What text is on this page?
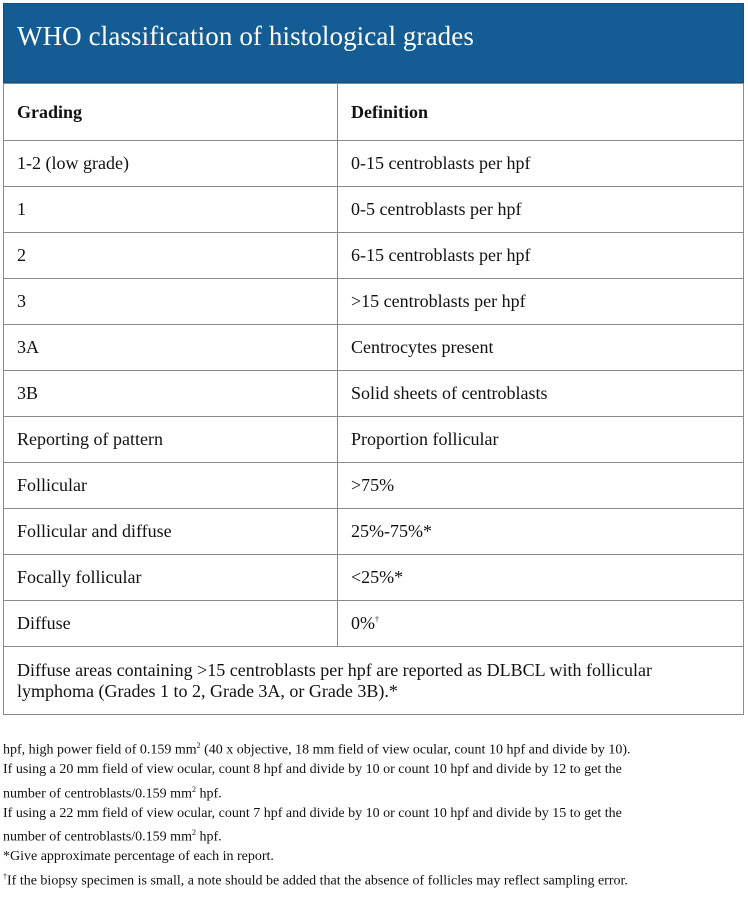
WHO classification of histological grades
Grading	Definition
1-2 (low grade)	0-15 centroblasts per hpf
1	0-5 centroblasts per hpf
2	6-15 centroblasts per hpf
3	>15 centroblasts per hpf
3A	Centrocytes present
3B	Solid sheets of centroblasts
Reporting of pattern	Proportion follicular
Follicular	>75%
Follicular and diffuse	25%-75%*
Focally follicular	<25%*
Diffuse	0%†
Diffuse areas containing >15 centroblasts per hpf are reported as DLBCL with follicular lymphoma (Grades 1 to 2, Grade 3A, or Grade 3B).*	
hpf, high power field of 0.159 $mm^2$ (40 x objective, 18 mm field of view ocular, count 10 hpf and divide by 10).
If using a 20 mm field of view ocular, count 8 hpf and divide by 10 or count 10 hpf and divide by 12 to get the
number of centroblasts/0.159 $mm^2$ hpf.
If using a 22 mm field of view ocular, count 7 hpf and divide by 10 or count 10 hpf and divide by 15 to get the
number of centroblasts/0.159 $mm^2$ hpf.
*Give approximate percentage of each in report.
†If the biopsy specimen is small, a note should be added that the absence of follicles may reflect sampling error.
